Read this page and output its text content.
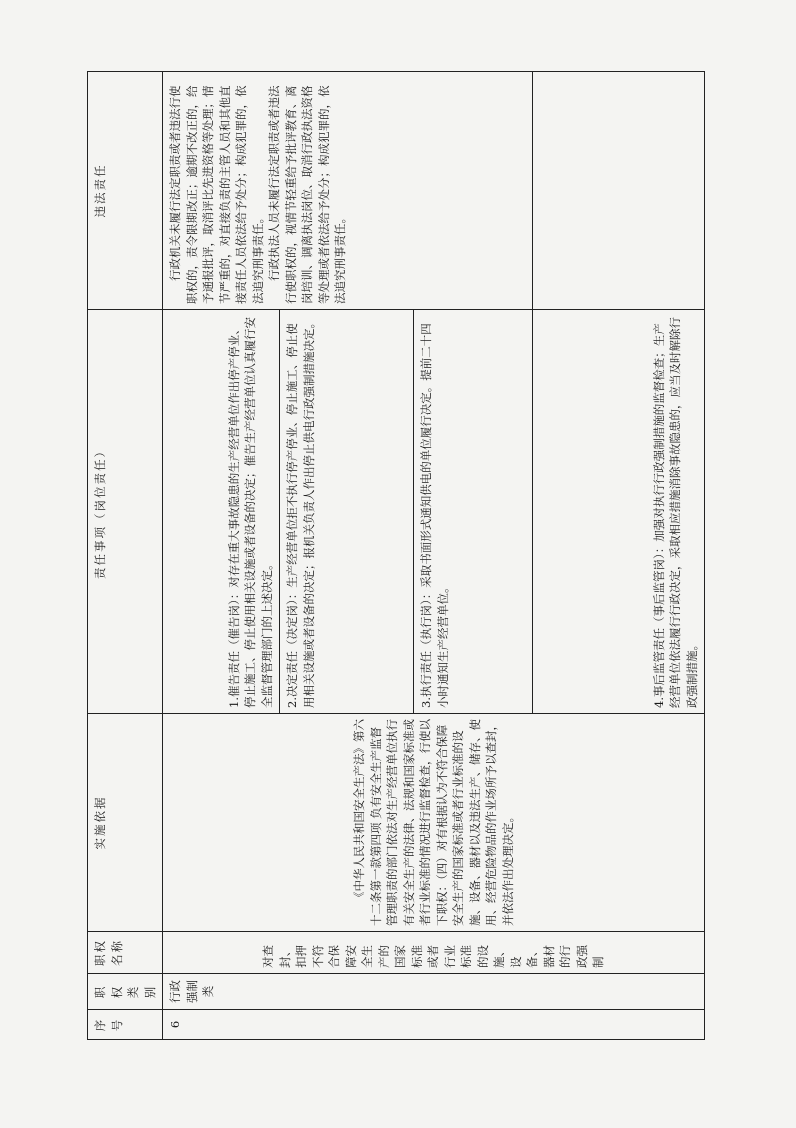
序号	职权类别	职权名称	实施依据	责任事项（岗位责任）	违法责任
6	行政强制类	对查封、扣押不符合保障安全生产的国家标准或者行业标准的设施、设备、器材的行政强制	《中华人民共和国安全生产法》第六十二条第一款第四项 负有安全生产监督管理职责的部门依法对生产经营单位执行有关安全生产的法律、法规和国家标准或者行业标准的情况进行监督检查，行使以下职权：（四）对有根据认为不符合保障安全生产的国家标准或者行业标准的设施、设备、器材以及违法生产、储存、使用、经营危险物品的作业场所予以查封，并依法作出处理决定。	1.催告责任（催告岗）：对存在重大事故隐患的生产经营单位作出停产停业、停止施工、停止使用相关设施或者设备的决定；催告生产经营单位认真履行安全监督管理部门的上述决定。	行政机关未履行法定职责或者违法行使职权的，责令限期改正；逾期不改正的，给予通报批评，取消评比先进资格等处理；情节严重的，对直接负责的主管人员和其他直接责任人员依法给予处分；构成犯罪的，依法追究刑事责任。 行政执法人员未履行法定职责或者违法行使职权的，视情节轻重给予批评教育、离岗培训、调离执法岗位、取消行政执法资格等处理或者依法给予处分；构成犯罪的，依法追究刑事责任。

				2.决定责任（决定岗）：生产经营单位拒不执行停产停业、停止施工、停止使用相关设施或者设备的决定；报机关负责人作出停止供电行政强制措施决定。	

				3.执行责任（执行岗）：采取书面形式通知供电的单位履行决定。提前二十四小时通知生产经营单位。	

				4.事后监管责任（事后监管岗）：加强对执行行政强制措施的监督检查；生产经营单位依法履行行政决定，采取相应措施消除事故隐患的，应当及时解除行政强制措施。	
